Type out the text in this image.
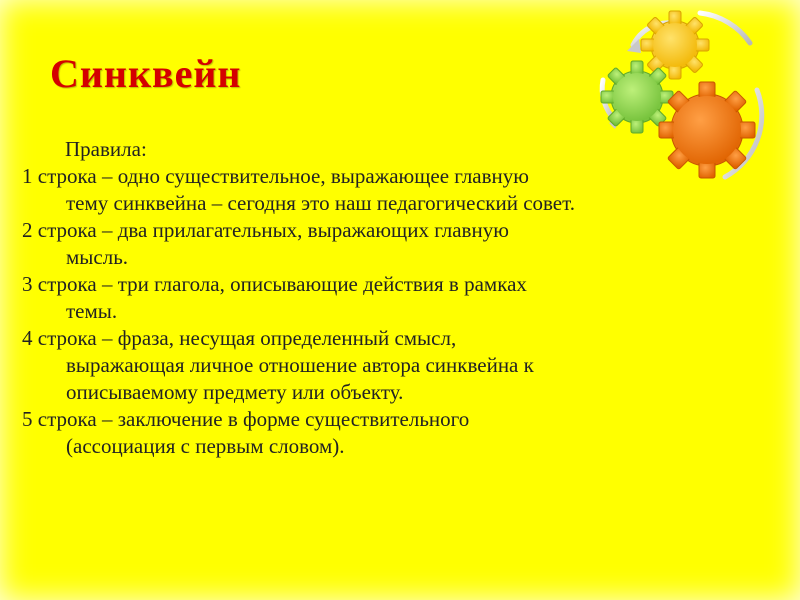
Синквейн

Правила:

1 строка – одно существительное, выражающее главную
тему синквейна – сегодня это наш педагогический совет.
2 строка – два прилагательных, выражающих главную
мысль.
3 строка – три глагола, описывающие действия в рамках
темы.
4 строка – фраза, несущая определенный смысл,
выражающая личное отношение автора синквейна к
описываемому предмету или объекту.
5 строка – заключение в форме существительного
(ассоциация с первым словом).
